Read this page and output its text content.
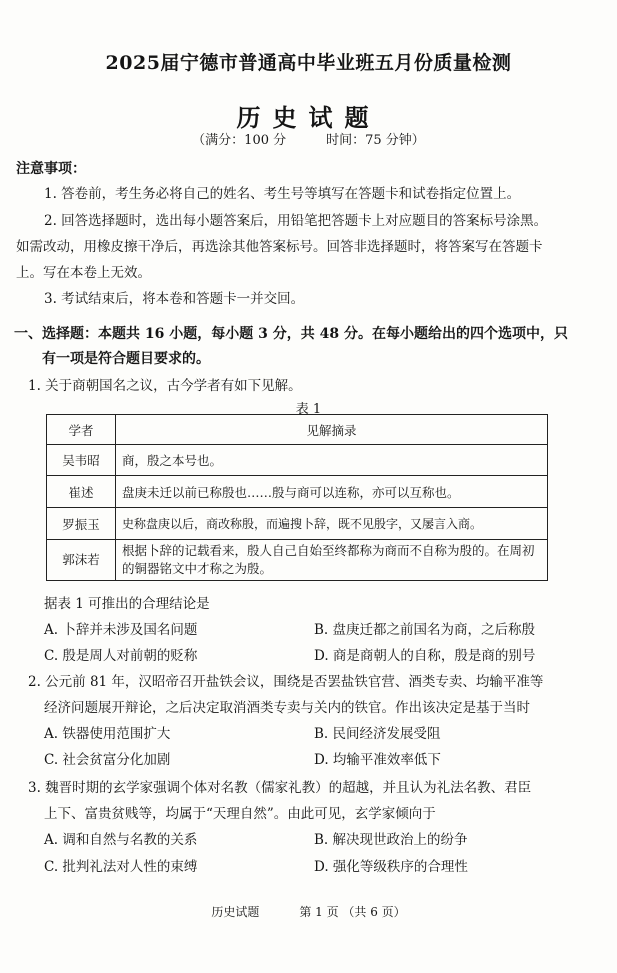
2025届宁德市普通高中毕业班五月份质量检测
历史试题
（满分：100 分	时间：75 分钟）
注意事项：
1. 答卷前，考生务必将自己的姓名、考生号等填写在答题卡和试卷指定位置上。
2. 回答选择题时，选出每小题答案后，用铅笔把答题卡上对应题目的答案标号涂黑。
如需改动，用橡皮擦干净后，再选涂其他答案标号。回答非选择题时，将答案写在答题卡
上。写在本卷上无效。
3. 考试结束后，将本卷和答题卡一并交回。
一、选择题：本题共 16 小题，每小题 3 分，共 48 分。在每小题给出的四个选项中，只
有一项是符合题目要求的。
1. 关于商朝国名之议，古今学者有如下见解。
表 1
学者	见解摘录
吴韦昭	商，殷之本号也。
崔述	盘庚未迁以前已称殷也……殷与商可以连称，亦可以互称也。
罗振玉	史称盘庚以后，商改称殷，而遍搜卜辞，既不见殷字，又屡言入商。
郭沫若	根据卜辞的记载看来，殷人自己自始至终都称为商而不自称为殷的。在周初的铜器铭文中才称之为殷。
据表 1 可推出的合理结论是
A. 卜辞并未涉及国名问题	B. 盘庚迁都之前国名为商，之后称殷
C. 殷是周人对前朝的贬称	D. 商是商朝人的自称，殷是商的别号
2. 公元前 81 年，汉昭帝召开盐铁会议，围绕是否罢盐铁官营、酒类专卖、均输平准等
经济问题展开辩论，之后决定取消酒类专卖与关内的铁官。作出该决定是基于当时
A. 铁器使用范围扩大	B. 民间经济发展受阻
C. 社会贫富分化加剧	D. 均输平准效率低下
3. 魏晋时期的玄学家强调个体对名教（儒家礼教）的超越，并且认为礼法名教、君臣
上下、富贵贫贱等，均属于“天理自然”。由此可见，玄学家倾向于
A. 调和自然与名教的关系	B. 解决现世政治上的纷争
C. 批判礼法对人性的束缚	D. 强化等级秩序的合理性
历史试题	第 1 页 （共 6 页）
